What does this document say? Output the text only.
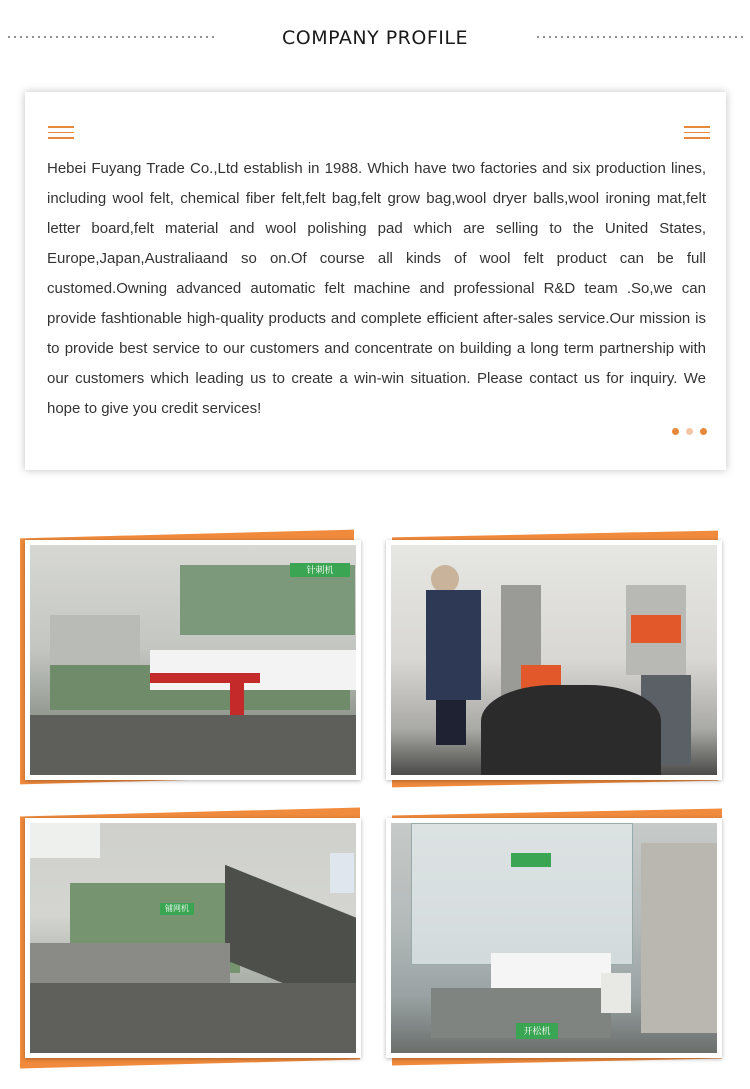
COMPANY PROFILE

Hebei Fuyang Trade Co.,Ltd establish in 1988. Which have two factories and six production lines, including wool felt, chemical fiber felt,felt bag,felt grow bag,wool dryer balls,wool ironing mat,felt letter board,felt material and wool polishing pad which are selling to the United States, Europe,Japan,Australiaand so on.Of course all kinds of wool felt product can be full customed.Owning advanced automatic felt machine and professional R&D team .So,we can provide fashtionable high-quality products and complete efficient after-sales service.Our mission is to provide best service to our customers and concentrate on building a long term partnership with our customers which leading us to create a win-win situation. Please contact us for inquiry. We hope to give you credit services!

针刺机
铺网机
开松机
